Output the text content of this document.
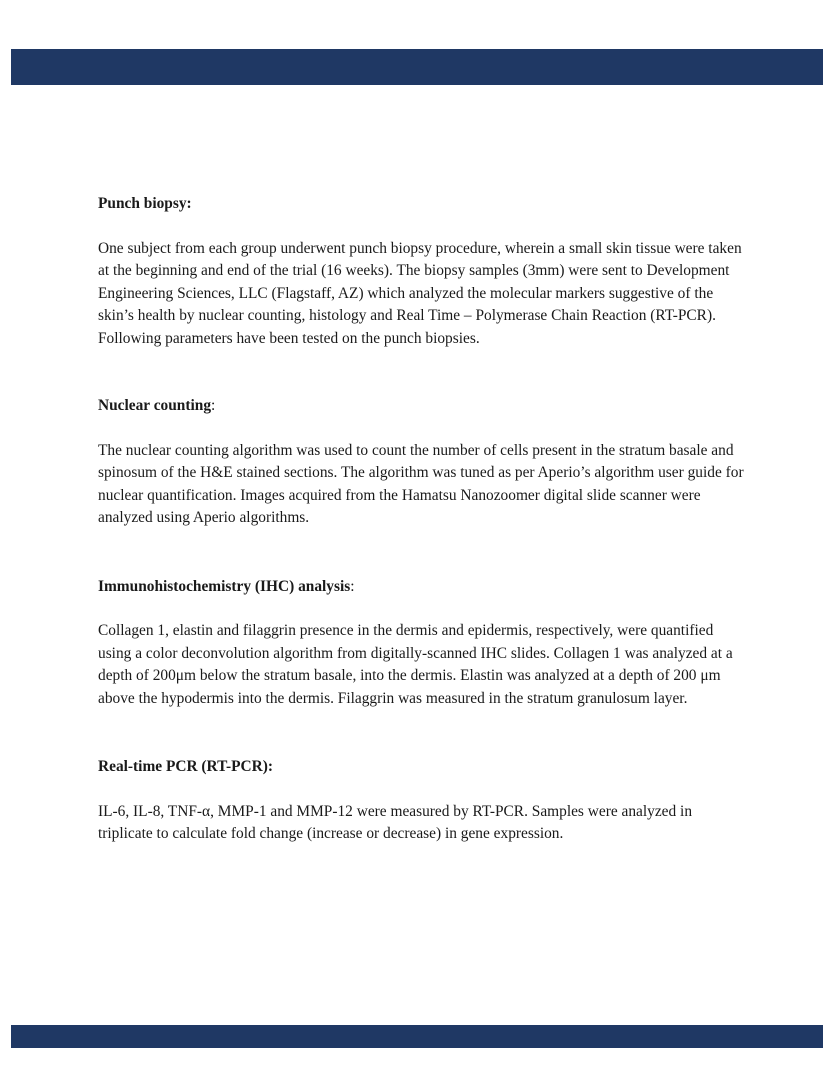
Punch biopsy:

One subject from each group underwent punch biopsy procedure, wherein a small skin tissue were taken at the beginning and end of the trial (16 weeks). The biopsy samples (3mm) were sent to Development Engineering Sciences, LLC (Flagstaff, AZ) which analyzed the molecular markers suggestive of the skin’s health by nuclear counting, histology and Real Time – Polymerase Chain Reaction (RT-PCR). Following parameters have been tested on the punch biopsies.

Nuclear counting:

The nuclear counting algorithm was used to count the number of cells present in the stratum basale and spinosum of the H&E stained sections. The algorithm was tuned as per Aperio’s algorithm user guide for nuclear quantification. Images acquired from the Hamatsu Nanozoomer digital slide scanner were analyzed using Aperio algorithms.

Immunohistochemistry (IHC) analysis:

Collagen 1, elastin and filaggrin presence in the dermis and epidermis, respectively, were quantified using a color deconvolution algorithm from digitally-scanned IHC slides. Collagen 1 was analyzed at a depth of 200μm below the stratum basale, into the dermis. Elastin was analyzed at a depth of 200 μm above the hypodermis into the dermis. Filaggrin was measured in the stratum granulosum layer.

Real-time PCR (RT-PCR):

IL-6, IL-8, TNF-α, MMP-1 and MMP-12 were measured by RT-PCR. Samples were analyzed in triplicate to calculate fold change (increase or decrease) in gene expression.
